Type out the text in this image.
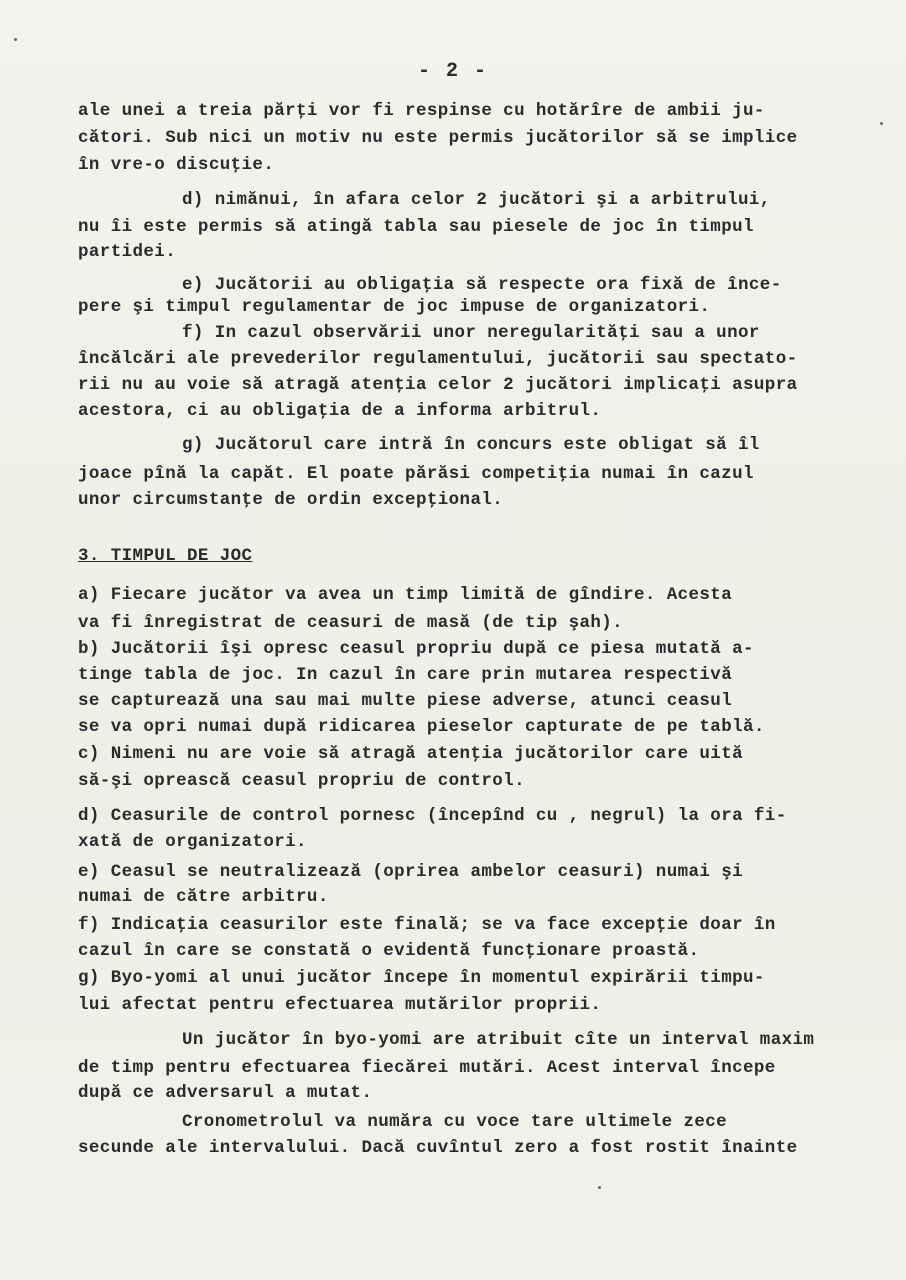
- 2 -
ale unei a treia părţi vor fi respinse cu hotărîre de ambii ju-
cători. Sub nici un motiv nu este permis jucătorilor să se implice
în vre-o discuţie.
d) nimănui, în afara celor 2 jucători şi a arbitrului,
nu îi este permis să atingă tabla sau piesele de joc în timpul
partidei.
e) Jucătorii au obligaţia să respecte ora fixă de înce-
pere şi timpul regulamentar de joc impuse de organizatori.
f) In cazul observării unor neregularităţi sau a unor
încălcări ale prevederilor regulamentului, jucătorii sau spectato-
rii nu au voie să atragă atenţia celor 2 jucători implicaţi asupra
acestora, ci au obligaţia de a informa arbitrul.
g) Jucătorul care intră în concurs este obligat să îl
joace pînă la capăt. El poate părăsi competiţia numai în cazul
unor circumstanţe de ordin excepţional.
3. TIMPUL DE JOC
a) Fiecare jucător va avea un timp limită de gîndire. Acesta
va fi înregistrat de ceasuri de masă (de tip şah).
b) Jucătorii îşi opresc ceasul propriu după ce piesa mutată a-
tinge tabla de joc. In cazul în care prin mutarea respectivă
se capturează una sau mai multe piese adverse, atunci ceasul
se va opri numai după ridicarea pieselor capturate de pe tablă.
c) Nimeni nu are voie să atragă atenţia jucătorilor care uită
să-şi oprească ceasul propriu de control.
d) Ceasurile de control pornesc (începînd cu , negrul) la ora fi-
xată de organizatori.
e) Ceasul se neutralizează (oprirea ambelor ceasuri) numai şi
numai de către arbitru.
f) Indicaţia ceasurilor este finală; se va face excepţie doar în
cazul în care se constată o evidentă funcţionare proastă.
g) Byo-yomi al unui jucător începe în momentul expirării timpu-
lui afectat pentru efectuarea mutărilor proprii.
Un jucător în byo-yomi are atribuit cîte un interval maxim
de timp pentru efectuarea fiecărei mutări. Acest interval începe
după ce adversarul a mutat.
Cronometrolul va număra cu voce tare ultimele zece
secunde ale intervalului. Dacă cuvîntul zero a fost rostit înainte
